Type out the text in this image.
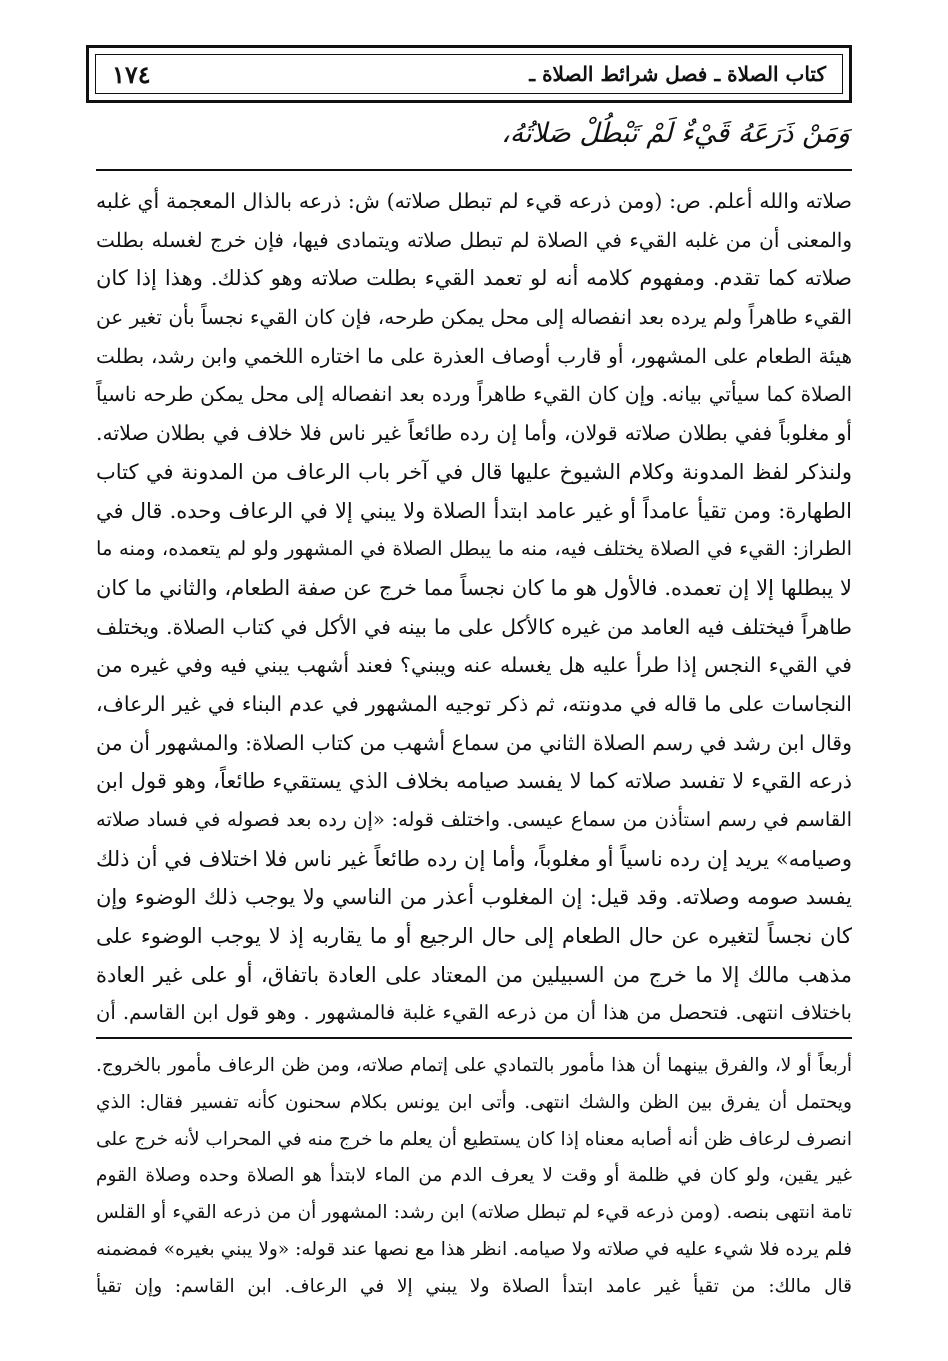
كتاب الصلاة ـ فصل شرائط الصلاة ـ
١٧٤
وَمَنْ ذَرَعَهُ قَيْءٌ لَمْ تَبْطُلْ صَلاتُهُ،
صلاته والله أعلم. ص: (ومن ذرعه قيء لم تبطل صلاته) ش: ذرعه بالذال المعجمة أي غلبه
والمعنى أن من غلبه القيء في الصلاة لم تبطل صلاته ويتمادى فيها، فإن خرج لغسله بطلت
صلاته كما تقدم. ومفهوم كلامه أنه لو تعمد القيء بطلت صلاته وهو كذلك. وهذا إذا كان
القيء طاهراً ولم يرده بعد انفصاله إلى محل يمكن طرحه، فإن كان القيء نجساً بأن تغير عن
هيئة الطعام على المشهور، أو قارب أوصاف العذرة على ما اختاره اللخمي وابن رشد، بطلت
الصلاة كما سيأتي بيانه. وإن كان القيء طاهراً ورده بعد انفصاله إلى محل يمكن طرحه ناسياً
أو مغلوباً ففي بطلان صلاته قولان، وأما إن رده طائعاً غير ناس فلا خلاف في بطلان صلاته.
ولنذكر لفظ المدونة وكلام الشيوخ عليها قال في آخر باب الرعاف من المدونة في كتاب
الطهارة: ومن تقيأ عامداً أو غير عامد ابتدأ الصلاة ولا يبني إلا في الرعاف وحده. قال في
الطراز: القيء في الصلاة يختلف فيه، منه ما يبطل الصلاة في المشهور ولو لم يتعمده، ومنه ما
لا يبطلها إلا إن تعمده. فالأول هو ما كان نجساً مما خرج عن صفة الطعام، والثاني ما كان
طاهراً فيختلف فيه العامد من غيره كالأكل على ما بينه في الأكل في كتاب الصلاة. ويختلف
في القيء النجس إذا طرأ عليه هل يغسله عنه ويبني؟ فعند أشهب يبني فيه وفي غيره من
النجاسات على ما قاله في مدونته، ثم ذكر توجيه المشهور في عدم البناء في غير الرعاف،
وقال ابن رشد في رسم الصلاة الثاني من سماع أشهب من كتاب الصلاة: والمشهور أن من
ذرعه القيء لا تفسد صلاته كما لا يفسد صيامه بخلاف الذي يستقيء طائعاً، وهو قول ابن
القاسم في رسم استأذن من سماع عيسى. واختلف قوله: «إن رده بعد فصوله في فساد صلاته
وصيامه» يريد إن رده ناسياً أو مغلوباً، وأما إن رده طائعاً غير ناس فلا اختلاف في أن ذلك
يفسد صومه وصلاته. وقد قيل: إن المغلوب أعذر من الناسي ولا يوجب ذلك الوضوء وإن
كان نجساً لتغيره عن حال الطعام إلى حال الرجيع أو ما يقاربه إذ لا يوجب الوضوء على
مذهب مالك إلا ما خرج من السبيلين من المعتاد على العادة باتفاق، أو على غير العادة
باختلاف انتهى. فتحصل من هذا أن من ذرعه القيء غلبة فالمشهور . وهو قول ابن القاسم. أن
أربعاً أو لا، والفرق بينهما أن هذا مأمور بالتمادي على إتمام صلاته، ومن ظن الرعاف مأمور بالخروج.
ويحتمل أن يفرق بين الظن والشك انتهى. وأتى ابن يونس بكلام سحنون كأنه تفسير فقال: الذي
انصرف لرعاف ظن أنه أصابه معناه إذا كان يستطيع أن يعلم ما خرج منه في المحراب لأنه خرج على
غير يقين، ولو كان في ظلمة أو وقت لا يعرف الدم من الماء لابتدأ هو الصلاة وحده وصلاة القوم
تامة انتهى بنصه. (ومن ذرعه قيء لم تبطل صلاته) ابن رشد: المشهور أن من ذرعه القيء أو القلس
فلم يرده فلا شيء عليه في صلاته ولا صيامه. انظر هذا مع نصها عند قوله: «ولا يبني بغيره» فمضمنه
قال مالك: من تقيأ غير عامد ابتدأ الصلاة ولا يبني إلا في الرعاف. ابن القاسم: وإن تقيأ
